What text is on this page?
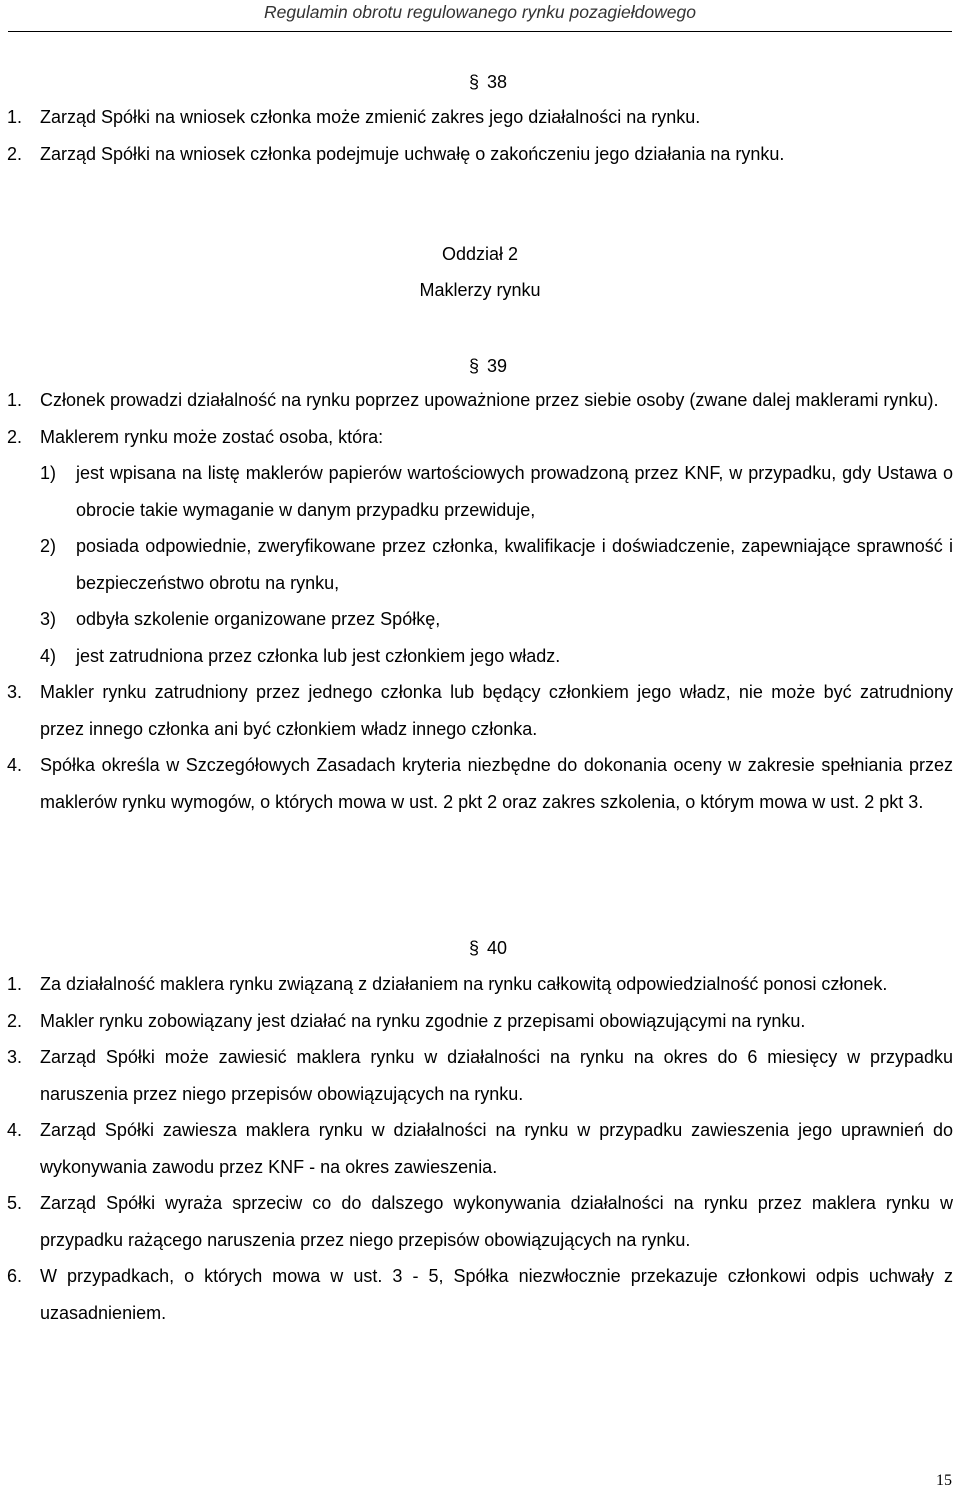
Regulamin obrotu regulowanego rynku pozagiełdowego
§ 38
1. Zarząd Spółki na wniosek członka może zmienić zakres jego działalności na rynku.
2. Zarząd Spółki na wniosek członka podejmuje uchwałę o zakończeniu jego działania na rynku.
Oddział 2
Maklerzy rynku
§ 39
1. Członek prowadzi działalność na rynku poprzez upoważnione przez siebie osoby (zwane dalej maklerami rynku).
2. Maklerem rynku może zostać osoba, która:
1)	jest wpisana na listę maklerów papierów wartościowych prowadzoną przez KNF, w przypadku, gdy Ustawa o obrocie takie wymaganie w danym przypadku przewiduje,
2)	posiada odpowiednie, zweryfikowane przez członka, kwalifikacje i doświadczenie, zapewniające sprawność i bezpieczeństwo obrotu na rynku,
3)	odbyła szkolenie organizowane przez Spółkę,
4)	jest zatrudniona przez członka lub jest członkiem jego władz.
3. Makler rynku zatrudniony przez jednego członka lub będący członkiem jego władz, nie może być zatrudniony przez innego członka ani być członkiem władz innego członka.
4. Spółka określa w Szczegółowych Zasadach kryteria niezbędne do dokonania oceny w zakresie spełniania przez maklerów rynku wymogów, o których mowa w ust. 2 pkt 2 oraz zakres szkolenia, o którym mowa w ust. 2 pkt 3.
§ 40
1. Za działalność maklera rynku związaną z działaniem na rynku całkowitą odpowiedzialność ponosi członek.
2. Makler rynku zobowiązany jest działać na rynku zgodnie z przepisami obowiązującymi na rynku.
3. Zarząd Spółki może zawiesić maklera rynku w działalności na rynku na okres do 6 miesięcy w przypadku naruszenia przez niego przepisów obowiązujących na rynku.
4. Zarząd Spółki zawiesza maklera rynku w działalności na rynku w przypadku zawieszenia jego uprawnień do wykonywania zawodu przez KNF - na okres zawieszenia.
5. Zarząd Spółki wyraża sprzeciw co do dalszego wykonywania działalności na rynku przez maklera rynku w przypadku rażącego naruszenia przez niego przepisów obowiązujących na rynku.
6. W przypadkach, o których mowa w ust. 3 - 5, Spółka niezwłocznie przekazuje członkowi odpis uchwały z uzasadnieniem.
15
